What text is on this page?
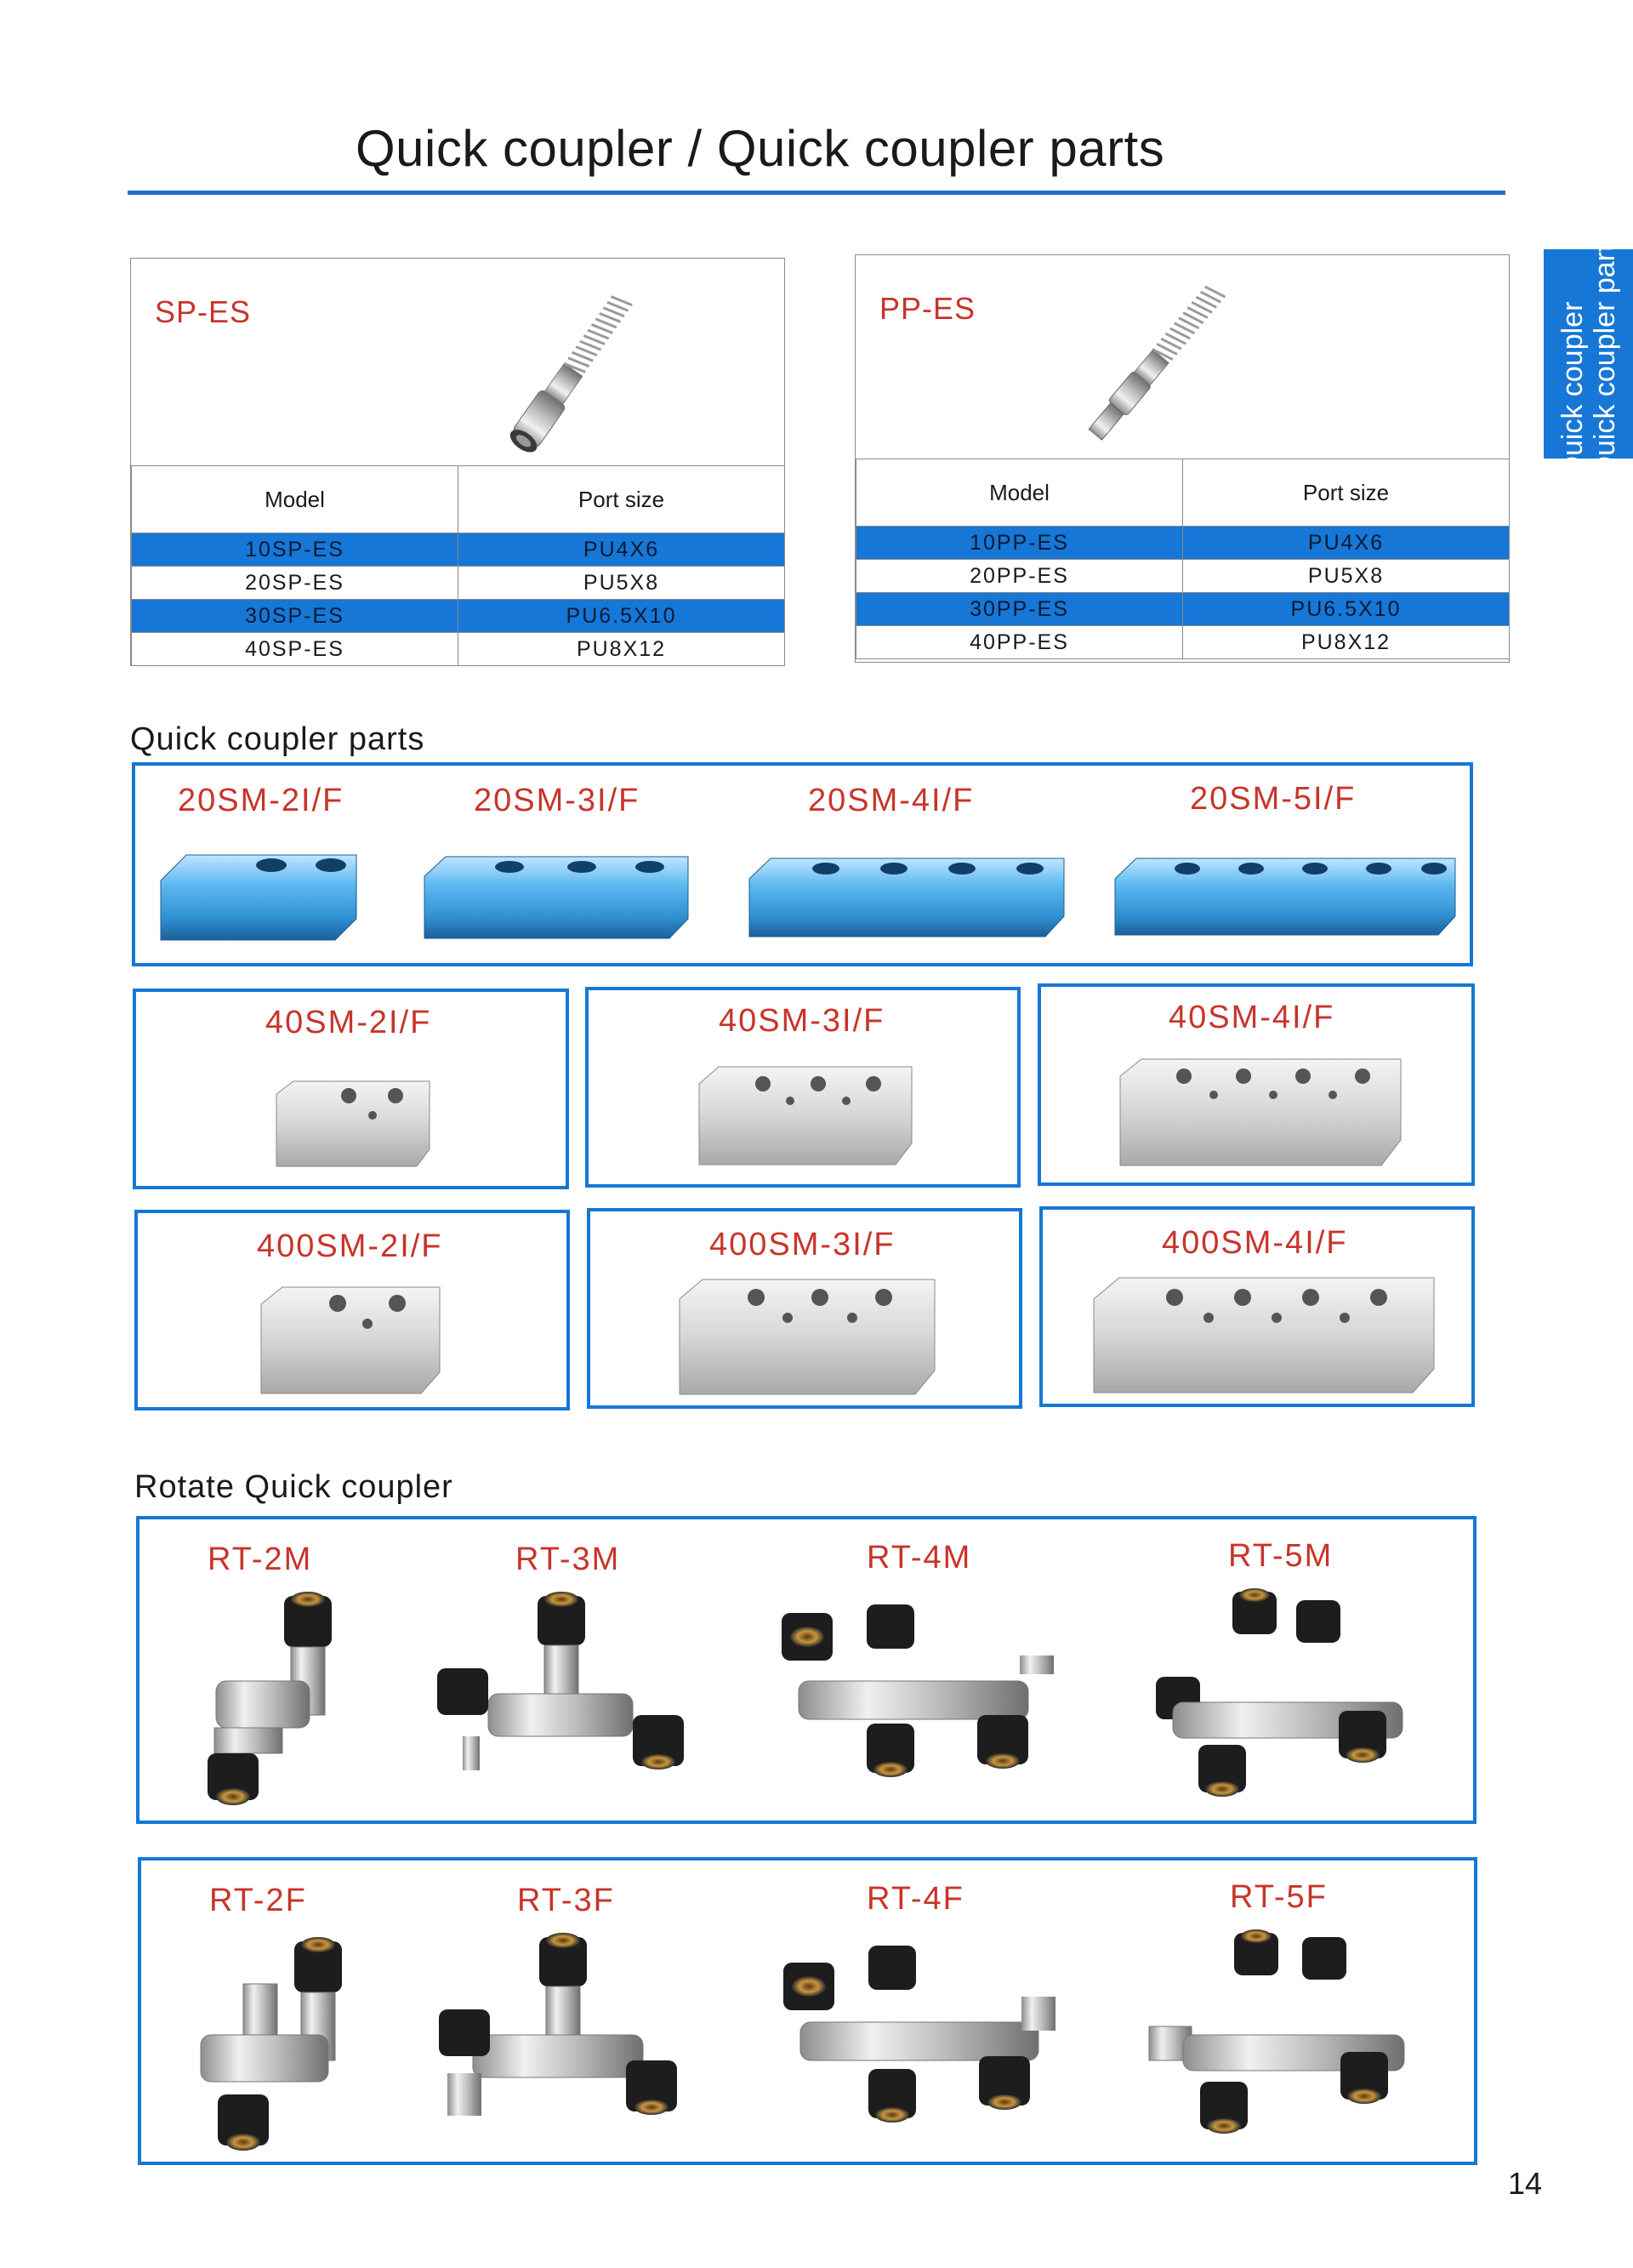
Quick coupler / Quick coupler parts
Quick coupler Quick coupler parts
SP-ES
Model	Port size
10SP-ES	PU4X6
20SP-ES	PU5X8
30SP-ES	PU6.5X10
40SP-ES	PU8X12
PP-ES
Model	Port size
10PP-ES	PU4X6
20PP-ES	PU5X8
30PP-ES	PU6.5X10
40PP-ES	PU8X12
Quick coupler parts
20SM-2I/F	20SM-3I/F	20SM-4I/F	20SM-5I/F
40SM-2I/F	40SM-3I/F	40SM-4I/F
400SM-2I/F	400SM-3I/F	400SM-4I/F
Rotate Quick coupler
RT-2M	RT-3M	RT-4M	RT-5M
RT-2F	RT-3F	RT-4F	RT-5F
14
